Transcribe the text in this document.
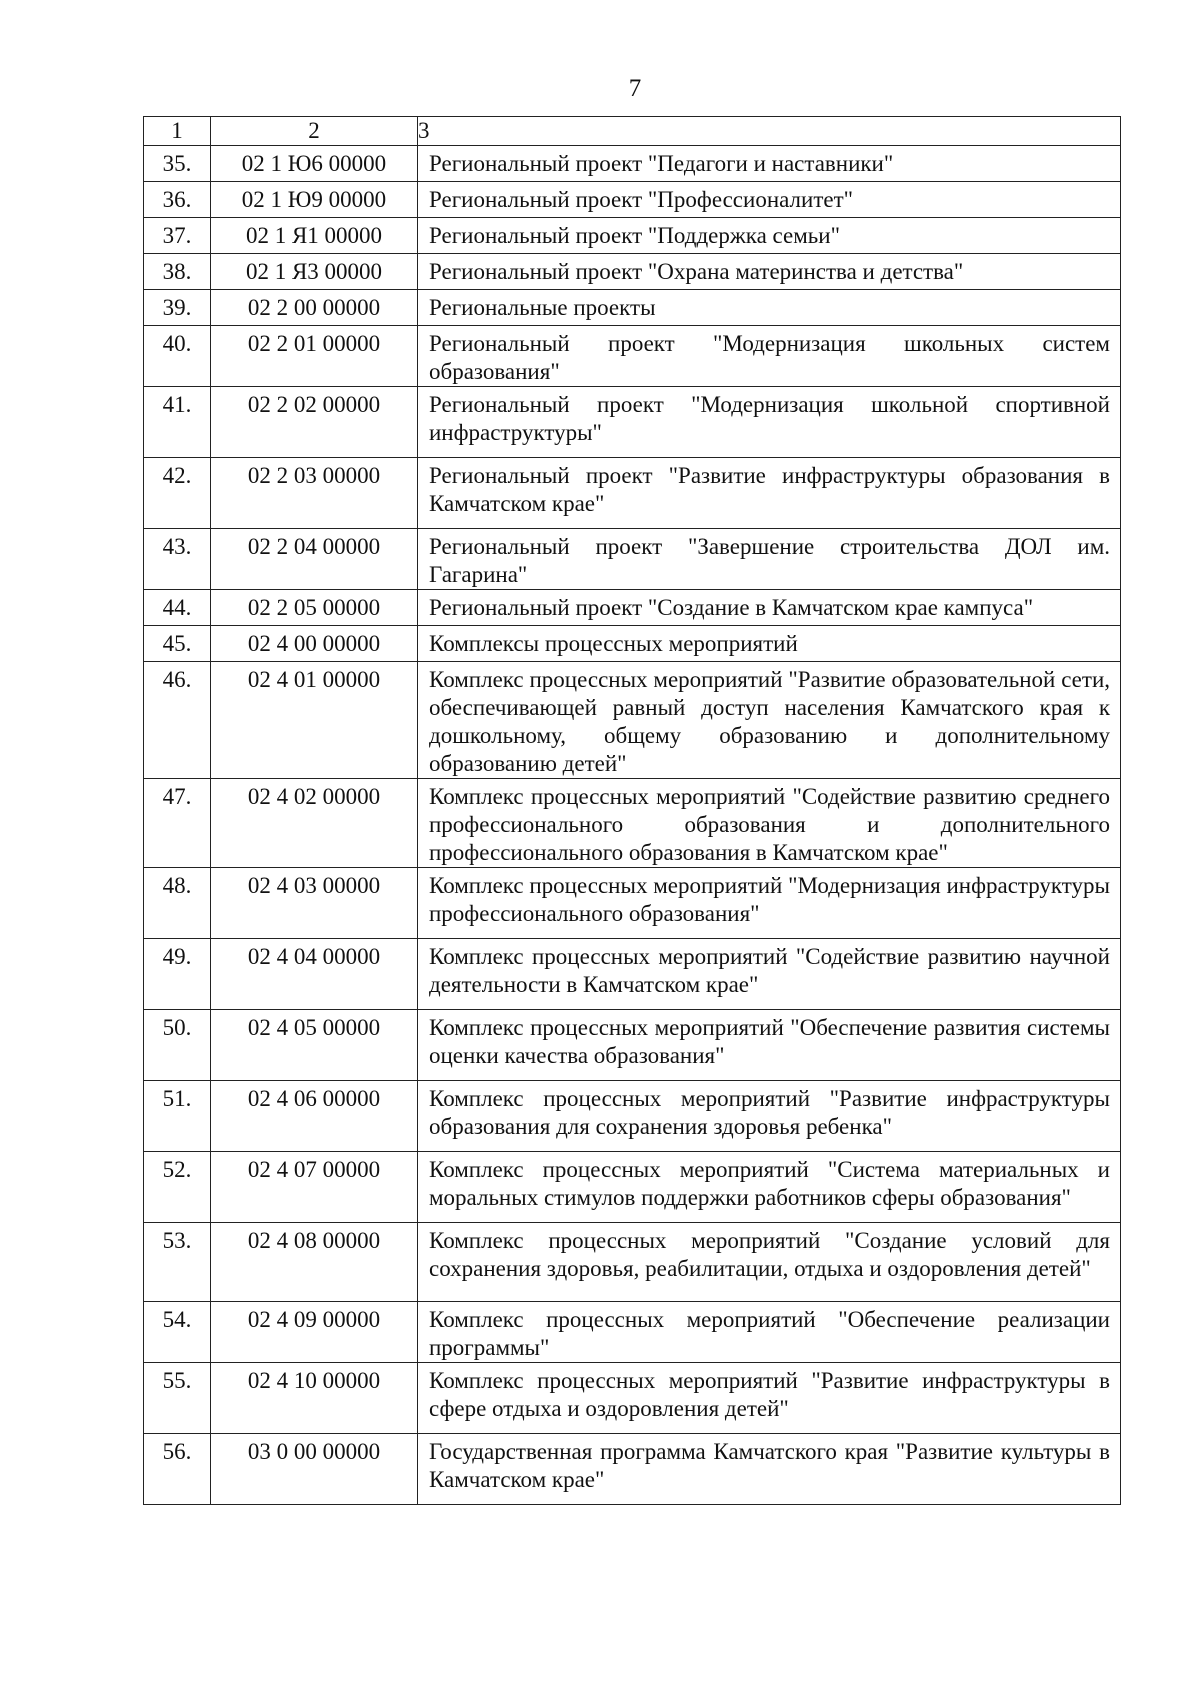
7
1	2	3
35.	02 1 Ю6 00000	Региональный проект "Педагоги и наставники"
36.	02 1 Ю9 00000	Региональный проект "Профессионалитет"
37.	02 1 Я1 00000	Региональный проект "Поддержка семьи"
38.	02 1 Я3 00000	Региональный проект "Охрана материнства и детства"
39.	02 2 00 00000	Региональные проекты
40.	02 2 01 00000	Региональный проект "Модернизация школьных систем образования"
41.	02 2 02 00000	Региональный проект "Модернизация школьной спортивной инфраструктуры"
42.	02 2 03 00000	Региональный проект "Развитие инфраструктуры образования в Камчатском крае"
43.	02 2 04 00000	Региональный проект "Завершение строительства ДОЛ им. Гагарина"
44.	02 2 05 00000	Региональный проект "Создание в Камчатском крае кампуса"
45.	02 4 00 00000	Комплексы процессных мероприятий
46.	02 4 01 00000	Комплекс процессных мероприятий "Развитие образовательной сети, обеспечивающей равный доступ населения Камчатского края к дошкольному, общему образованию и дополнительному образованию детей"
47.	02 4 02 00000	Комплекс процессных мероприятий "Содействие развитию среднего профессионального образования и дополнительного профессионального образования в Камчатском крае"
48.	02 4 03 00000	Комплекс процессных мероприятий "Модернизация инфраструктуры профессионального образования"
49.	02 4 04 00000	Комплекс процессных мероприятий "Содействие развитию научной деятельности в Камчатском крае"
50.	02 4 05 00000	Комплекс процессных мероприятий "Обеспечение развития системы оценки качества образования"
51.	02 4 06 00000	Комплекс процессных мероприятий "Развитие инфраструктуры образования для сохранения здоровья ребенка"
52.	02 4 07 00000	Комплекс процессных мероприятий "Система материальных и моральных стимулов поддержки работников сферы образования"
53.	02 4 08 00000	Комплекс процессных мероприятий "Создание условий для сохранения здоровья, реабилитации, отдыха и оздоровления детей"
54.	02 4 09 00000	Комплекс процессных мероприятий "Обеспечение реализации программы"
55.	02 4 10 00000	Комплекс процессных мероприятий "Развитие инфраструктуры в сфере отдыха и оздоровления детей"
56.	03 0 00 00000	Государственная программа Камчатского края "Развитие культуры в Камчатском крае"
